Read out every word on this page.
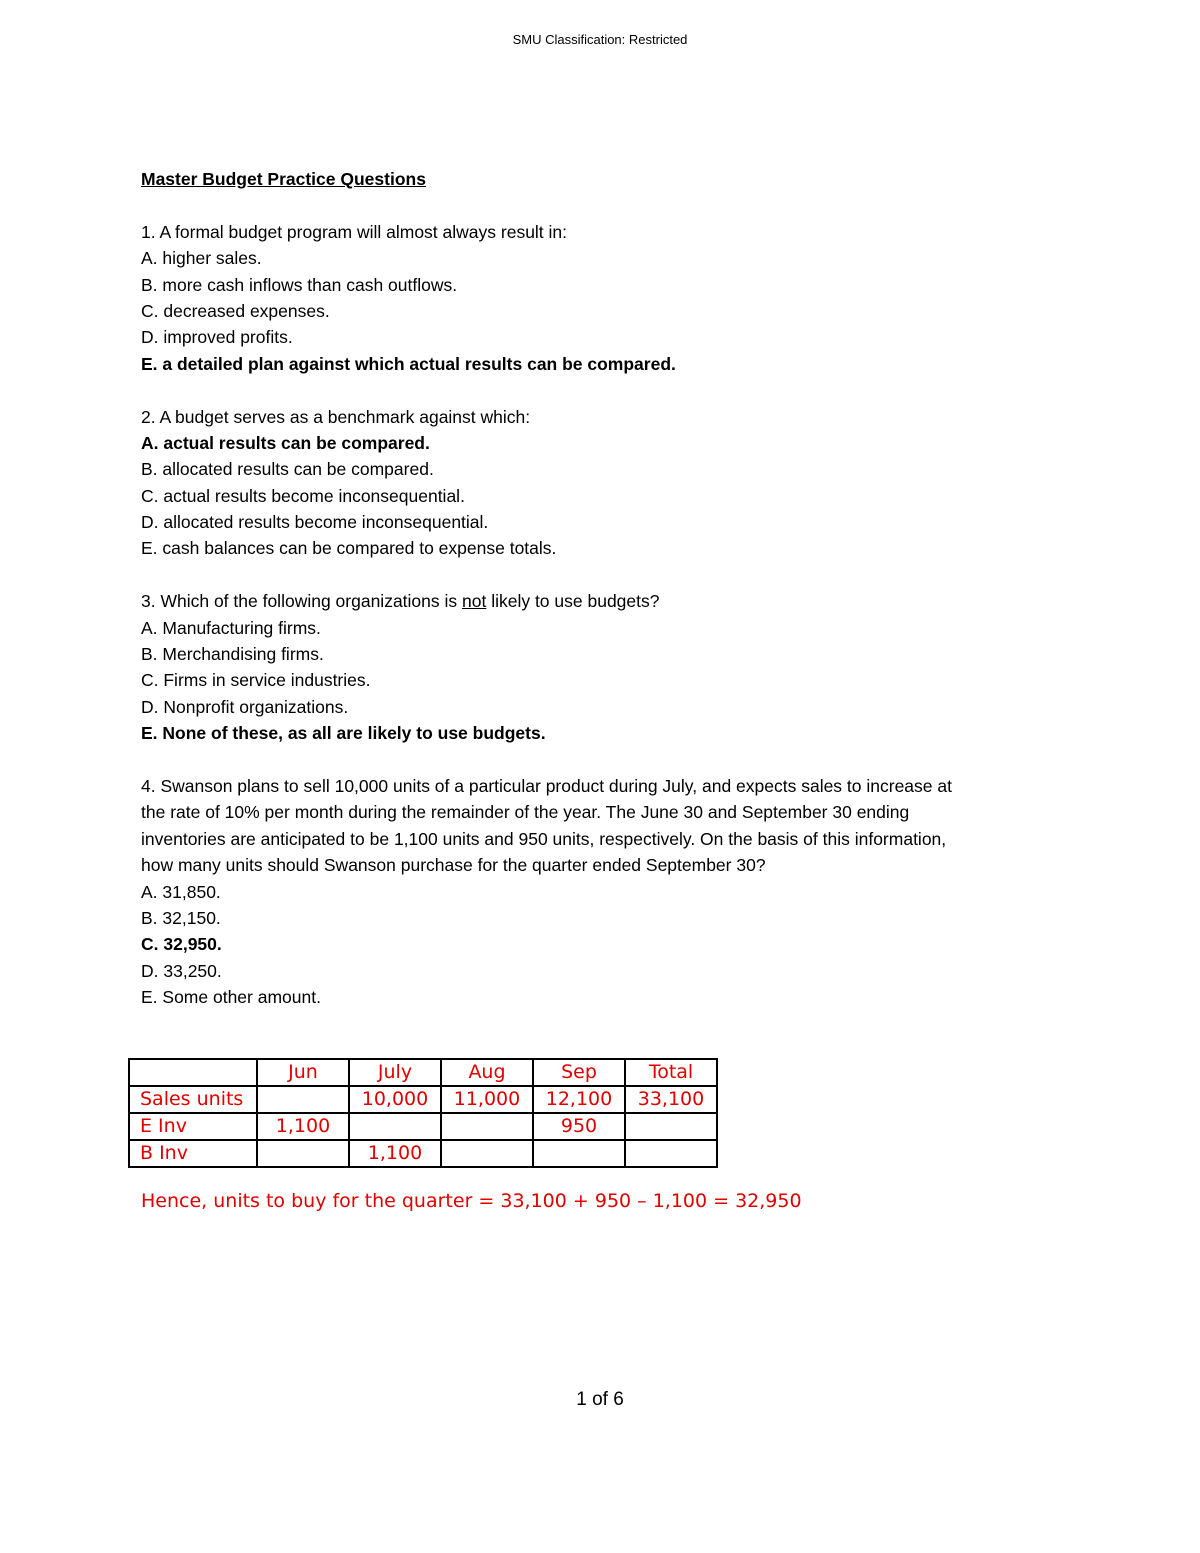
SMU Classification: Restricted
Master Budget Practice Questions
1. A formal budget program will almost always result in:
A. higher sales.
B. more cash inflows than cash outflows.
C. decreased expenses.
D. improved profits.
E. a detailed plan against which actual results can be compared.
2. A budget serves as a benchmark against which:
A. actual results can be compared.
B. allocated results can be compared.
C. actual results become inconsequential.
D. allocated results become inconsequential.
E. cash balances can be compared to expense totals.
3. Which of the following organizations is not likely to use budgets?
A. Manufacturing firms.
B. Merchandising firms.
C. Firms in service industries.
D. Nonprofit organizations.
E. None of these, as all are likely to use budgets.
4. Swanson plans to sell 10,000 units of a particular product during July, and expects sales to increase at
the rate of 10% per month during the remainder of the year. The June 30 and September 30 ending
inventories are anticipated to be 1,100 units and 950 units, respectively. On the basis of this information,
how many units should Swanson purchase for the quarter ended September 30?
A. 31,850.
B. 32,150.
C. 32,950.
D. 33,250.
E. Some other amount.
	Jun	July	Aug	Sep	Total
Sales units		10,000	11,000	12,100	33,100
E Inv	1,100			950	
B Inv		1,100			
Hence, units to buy for the quarter = 33,100 + 950 – 1,100 = 32,950
1 of 6
